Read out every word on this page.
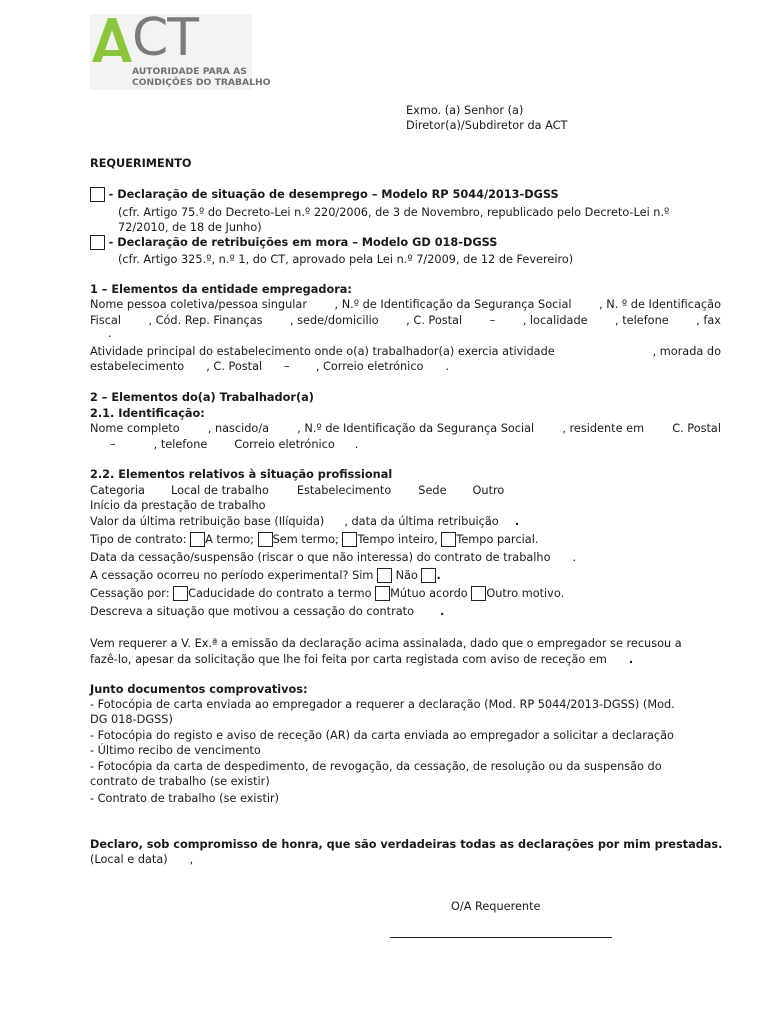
CT
AUTORIDADE PARA AS
CONDIÇÕES DO TRABALHO
Exmo. (a) Senhor (a)
Diretor(a)/Subdiretor da ACT
REQUERIMENTO
- Declaração de situação de desemprego – Modelo RP 5044/2013-DGSS
(cfr. Artigo 75.º do Decreto-Lei n.º 220/2006, de 3 de Novembro, republicado pelo Decreto-Lei n.º
72/2010, de 18 de Junho)
- Declaração de retribuições em mora – Modelo GD 018-DGSS
(cfr. Artigo 325.º, n.º 1, do CT, aprovado pela Lei n.º 7/2009, de 12 de Fevereiro)
1 – Elementos da entidade empregadora:
Nome pessoa coletiva/pessoa singular , N.º de Identificação da Segurança Social , N. º de Identificação
Fiscal , Cód. Rep. Finanças , sede/domicilio , C. Postal – , localidade , telefone , fax
.
Atividade principal do estabelecimento onde o(a) trabalhador(a) exercia atividade	, morada do
estabelecimento , C. Postal – , Correio eletrónico .
2 – Elementos do(a) Trabalhador(a)
2.1. Identificação:
Nome completo , nascido/a , N.º de Identificação da Segurança Social , residente em C. Postal
–	, telefone Correio eletrónico .
2.2. Elementos relativos à situação profissional
Categoria Local de trabalho Estabelecimento Sede Outro
Início da prestação de trabalho
Valor da última retribuição base (Ilíquida) , data da última retribuição .
Tipo de contrato: A termo; Sem termo; Tempo inteiro, Tempo parcial.
Data da cessação/suspensão (riscar o que não interessa) do contrato de trabalho .
A cessação ocorreu no período experimental? Sim Não .
Cessação por: Caducidade do contrato a termo Mútuo acordo Outro motivo.
Descreva a situação que motivou a cessação do contrato .
Vem requerer a V. Ex.ª a emissão da declaração acima assinalada, dado que o empregador se recusou a
fazê-lo, apesar da solicitação que lhe foi feita por carta registada com aviso de receção em .
Junto documentos comprovativos:
- Fotocópia de carta enviada ao empregador a requerer a declaração (Mod. RP 5044/2013-DGSS) (Mod.
DG 018-DGSS)
- Fotocópia do registo e aviso de receção (AR) da carta enviada ao empregador a solicitar a declaração
- Último recibo de vencimento
- Fotocópia da carta de despedimento, de revogação, da cessação, de resolução ou da suspensão do
contrato de trabalho (se existir)
- Contrato de trabalho (se existir)
Declaro, sob compromisso de honra, que são verdadeiras todas as declarações por mim prestadas.
(Local e data) ,
O/A Requerente
